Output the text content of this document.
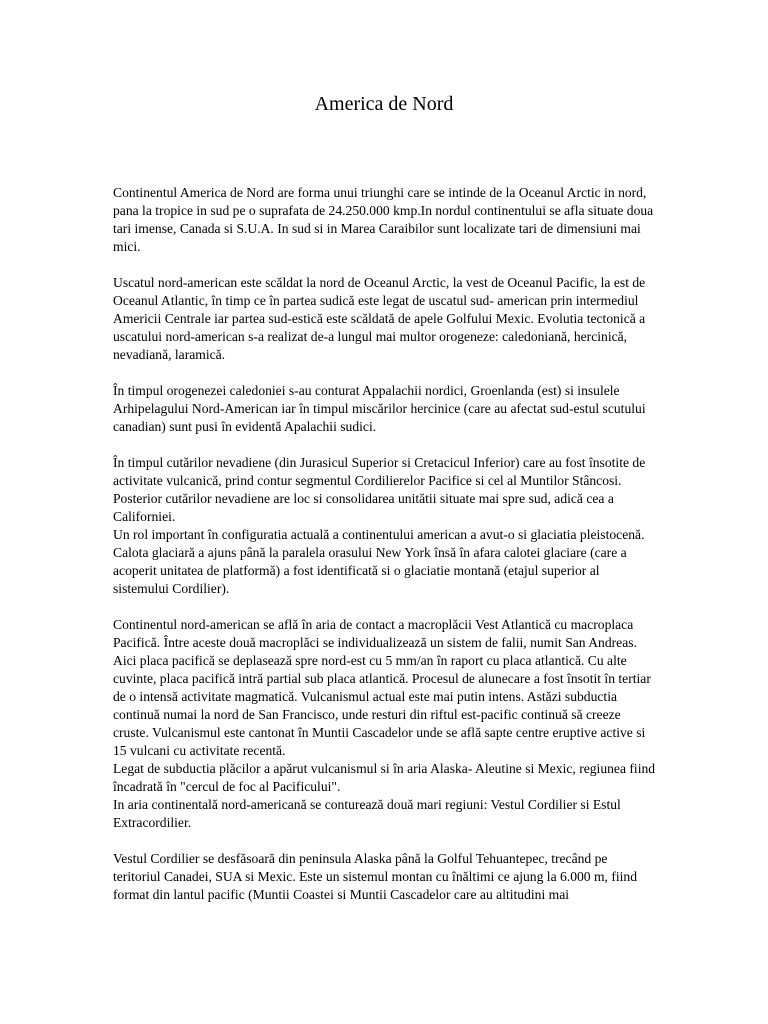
America de Nord

Continentul America de Nord are forma unui triunghi care se intinde de la Oceanul Arctic in nord, pana la tropice in sud pe o suprafata de 24.250.000 kmp.In nordul continentului se afla situate doua tari imense, Canada si S.U.A. In sud si in Marea Caraibilor sunt localizate tari de dimensiuni mai mici.

Uscatul nord-american este scăldat la nord de Oceanul Arctic, la vest de Oceanul Pacific, la est de Oceanul Atlantic, în timp ce în partea sudică este legat de uscatul sud- american prin intermediul Americii Centrale iar partea sud-estică este scăldată de apele Golfului Mexic. Evolutia tectonică a uscatului nord-american s-a realizat de-a lungul mai multor orogeneze: caledoniană, hercinică, nevadiană, laramică.

În timpul orogenezei caledoniei s-au conturat Appalachii nordici, Groenlanda (est) si insulele Arhipelagului Nord-American iar în timpul miscărilor hercinice (care au afectat sud-estul scutului canadian) sunt pusi în evidentă Apalachii sudici.

În timpul cutărilor nevadiene (din Jurasicul Superior si Cretacicul Inferior) care au fost însotite de activitate vulcanică, prind contur segmentul Cordilierelor Pacifice si cel al Muntilor Stâncosi. Posterior cutărilor nevadiene are loc si consolidarea unitătii situate mai spre sud, adică cea a Californiei.

Un rol important în configuratia actuală a continentului american a avut-o si glaciatia pleistocenă. Calota glaciară a ajuns până la paralela orasului New York însă în afara calotei glaciare (care a acoperit unitatea de platformă) a fost identificată si o glaciatie montană (etajul superior al sistemului Cordilier).

Continentul nord-american se află în aria de contact a macroplăcii Vest Atlantică cu macroplaca Pacifică. Între aceste două macroplăci se individualizează un sistem de falii, numit San Andreas. Aici placa pacifică se deplasează spre nord-est cu 5 mm/an în raport cu placa atlantică. Cu alte cuvinte, placa pacifică intră partial sub placa atlantică. Procesul de alunecare a fost însotit în tertiar de o intensă activitate magmatică. Vulcanismul actual este mai putin intens. Astăzi subductia continuă numai la nord de San Francisco, unde resturi din riftul est-pacific continuă să creeze cruste. Vulcanismul este cantonat în Muntii Cascadelor unde se află sapte centre eruptive active si 15 vulcani cu activitate recentă.

Legat de subductia plăcilor a apărut vulcanismul si în aria Alaska- Aleutine si Mexic, regiunea fiind încadrată în "cercul de foc al Pacificului".

In aria continentală nord-americană se conturează două mari regiuni: Vestul Cordilier si Estul Extracordilier.

Vestul Cordilier se desfăsoară din peninsula Alaska până la Golful Tehuantepec, trecând pe teritoriul Canadei, SUA si Mexic. Este un sistemul montan cu înăltimi ce ajung la 6.000 m, fiind format din lantul pacific (Muntii Coastei si Muntii Cascadelor care au altitudini mai
